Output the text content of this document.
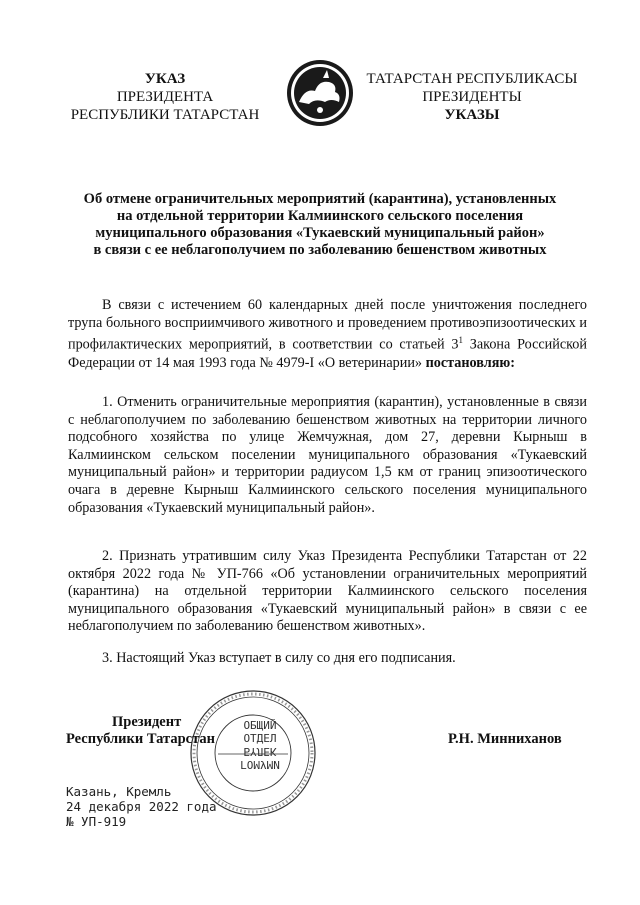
УКАЗ
ПРЕЗИДЕНТА
РЕСПУБЛИКИ ТАТАРСТАН
ТАТАРСТАН РЕСПУБЛИКАСЫ
ПРЕЗИДЕНТЫ
УКАЗЫ
Об отмене ограничительных мероприятий (карантина), установленных
на отдельной территории Калмиинского сельского поселения
муниципального образования «Тукаевский муниципальный район»
в связи с ее неблагополучием по заболеванию бешенством животных

В связи с истечением 60 календарных дней после уничтожения последнего трупа больного восприимчивого животного и проведением противоэпизоотических и профилактических мероприятий, в соответствии со статьей $3^1$ Закона Российской Федерации от 14 мая 1993 года № 4979-I «О ветеринарии» постановляю:

1. Отменить ограничительные мероприятия (карантин), установленные в связи с неблагополучием по заболеванию бешенством животных на территории личного подсобного хозяйства по улице Жемчужная, дом 27, деревни Кырныш в Калмиинском сельском поселении муниципального образования «Тукаевский муниципальный район» и территории радиусом 1,5 км от границ эпизоотического очага в деревне Кырныш Калмиинского сельского поселения муниципального образования «Тукаевский муниципальный район».

2. Признать утратившим силу Указ Президента Республики Татарстан от 22 октября 2022 года № УП-766 «Об установлении ограничительных мероприятий (карантина) на отдельной территории Калмиинского сельского поселения муниципального образования «Тукаевский муниципальный район» в связи с ее неблагополучием по заболеванию бешенством животных».

3. Настоящий Указ вступает в силу со дня его подписания.

ОБЩИЙ
ОТДЕЛ
БҮЛЕК
ГОМУМИ
Президент
Республики Татарстан	Р.Н. Минниханов
Казань, Кремль
24 декабря 2022 года
№ УП-919
